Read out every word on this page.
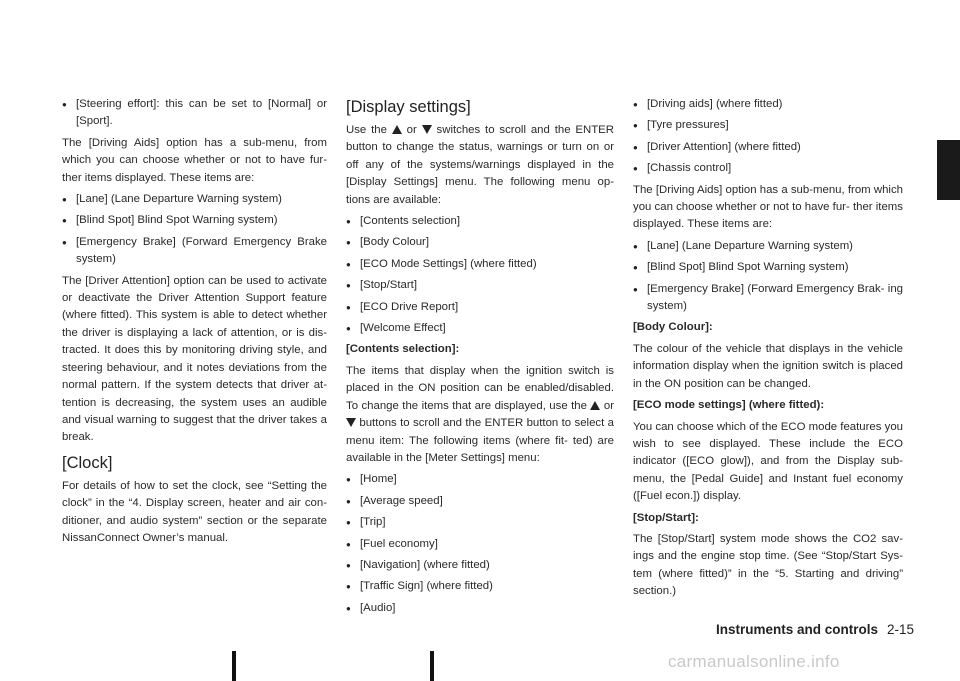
● [Steering effort]: this can be set to [Normal] or [Sport].

The [Driving Aids] option has a sub-menu, from which you can choose whether or not to have fur- ther items displayed. These items are:

● [Lane] (Lane Departure Warning system)
● [Blind Spot] Blind Spot Warning system)
● [Emergency Brake] (Forward Emergency Brake system)

The [Driver Attention] option can be used to activate or deactivate the Driver Attention Support feature (where fitted). This system is able to detect whether the driver is displaying a lack of attention, or is dis- tracted. It does this by monitoring driving style, and steering behaviour, and it notes deviations from the normal pattern. If the system detects that driver at- tention is decreasing, the system uses an audible and visual warning to suggest that the driver takes a break.

[Clock]

For details of how to set the clock, see “Setting the clock” in the “4. Display screen, heater and air con- ditioner, and audio system” section or the separate NissanConnect Owner’s manual.

[Display settings]

Use the or switches to scroll and the ENTER button to change the status, warnings or turn on or off any of the systems/warnings displayed in the [Display Settings] menu. The following menu op- tions are available:

● [Contents selection]
● [Body Colour]
● [ECO Mode Settings] (where fitted)
● [Stop/Start]
● [ECO Drive Report]
● [Welcome Effect]
[Contents selection]:

The items that display when the ignition switch is placed in the ON position can be enabled/disabled. To change the items that are displayed, use the or  buttons to scroll and the ENTER button to select a menu item: The following items (where fit- ted) are available in the [Meter Settings] menu:

● [Home]
● [Average speed]
● [Trip]
● [Fuel economy]
● [Navigation] (where fitted)
● [Traffic Sign] (where fitted)
● [Audio]
● [Driving aids] (where fitted)
● [Tyre pressures]
● [Driver Attention] (where fitted)
● [Chassis control]

The [Driving Aids] option has a sub-menu, from which you can choose whether or not to have fur- ther items displayed. These items are:

● [Lane] (Lane Departure Warning system)
● [Blind Spot] Blind Spot Warning system)
● [Emergency Brake] (Forward Emergency Brak- ing system)
[Body Colour]:

The colour of the vehicle that displays in the vehicle information display when the ignition switch is placed in the ON position can be changed.

[ECO mode settings] (where fitted):

You can choose which of the ECO mode features you wish to see displayed. These include the ECO indicator ([ECO glow]), and from the Display sub- menu, the [Pedal Guide] and Instant fuel economy ([Fuel econ.]) display.

[Stop/Start]:

The [Stop/Start] system mode shows the CO2 sav- ings and the engine stop time. (See “Stop/Start Sys- tem (where fitted)” in the “5. Starting and driving” section.)

Instruments and controls 2-15
carmanualsonline.info
